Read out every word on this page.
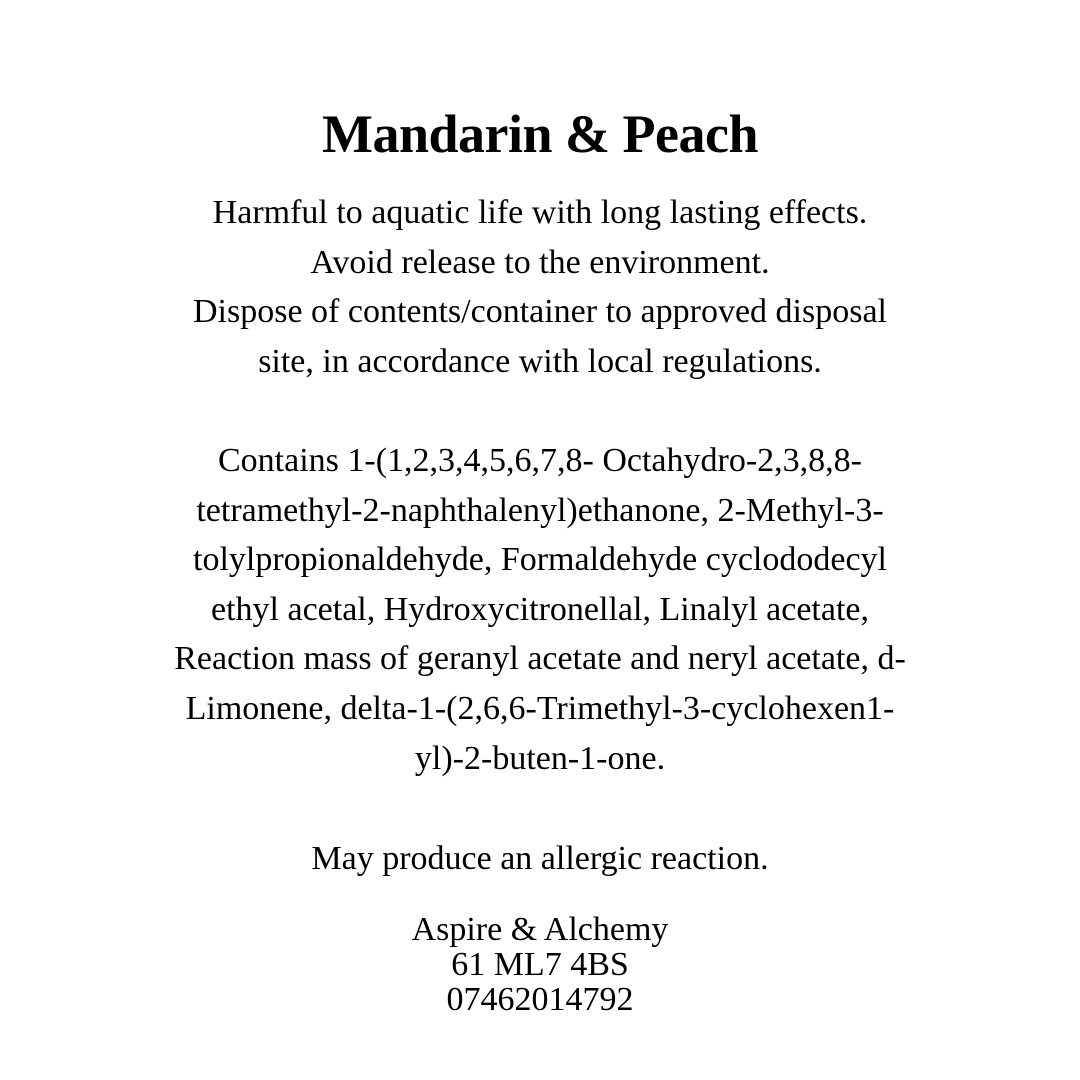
Mandarin & Peach

Harmful to aquatic life with long lasting effects.
Avoid release to the environment.
Dispose of contents/container to approved disposal
site, in accordance with local regulations.

Contains 1-(1,2,3,4,5,6,7,8- Octahydro-2,3,8,8-
tetramethyl-2-naphthalenyl)ethanone, 2-Methyl-3-
tolylpropionaldehyde, Formaldehyde cyclododecyl
ethyl acetal, Hydroxycitronellal, Linalyl acetate,
Reaction mass of geranyl acetate and neryl acetate, d-
Limonene, delta-1-(2,6,6-Trimethyl-3-cyclohexen1-
yl)-2-buten-1-one.

May produce an allergic reaction.

Aspire & Alchemy
61 ML7 4BS
07462014792
